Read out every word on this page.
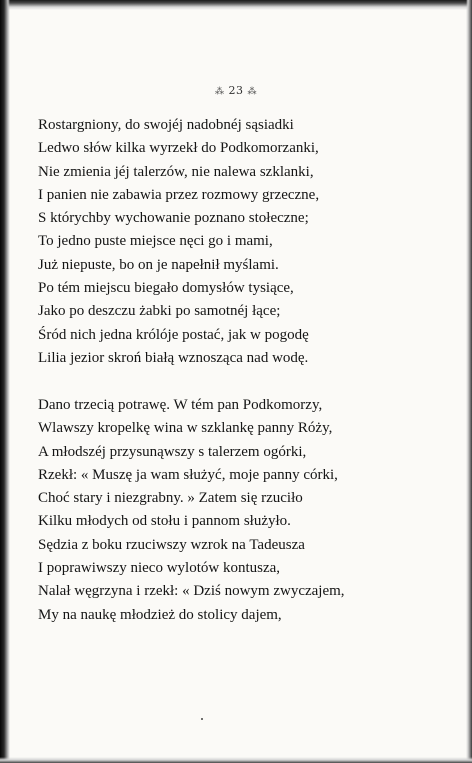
⁂ 23 ⁂
Rostargniony, do swojéj nadobnéj sąsiadki
Ledwo słów kilka wyrzekł do Podkomorzanki,
Nie zmienia jéj talerzów, nie nalewa szklanki,
I panien nie zabawia przez rozmowy grzeczne,
S którychby wychowanie poznano stołeczne;
To jedno puste miejsce nęci go i mami,
Już niepuste, bo on je napełnił myślami.
Po tém miejscu biegało domysłów tysiące,
Jako po deszczu żabki po samotnéj łące;
Śród nich jedna królóje postać, jak w pogodę
Lilia jezior skroń białą wznosząca nad wodę.
Dano trzecią potrawę. W tém pan Podkomorzy,
Wlawszy kropelkę wina w szklankę panny Róży,
A młodszéj przysunąwszy s talerzem ogórki,
Rzekł: « Muszę ja wam służyć, moje panny córki,
Choć stary i niezgrabny. » Zatem się rzuciło
Kilku młodych od stołu i pannom służyło.
Sędzia z boku rzuciwszy wzrok na Tadeusza
I poprawiwszy nieco wylotów kontusza,
Nalał węgrzyna i rzekł: « Dziś nowym zwyczajem,
My na naukę młodzież do stolicy dajem,
